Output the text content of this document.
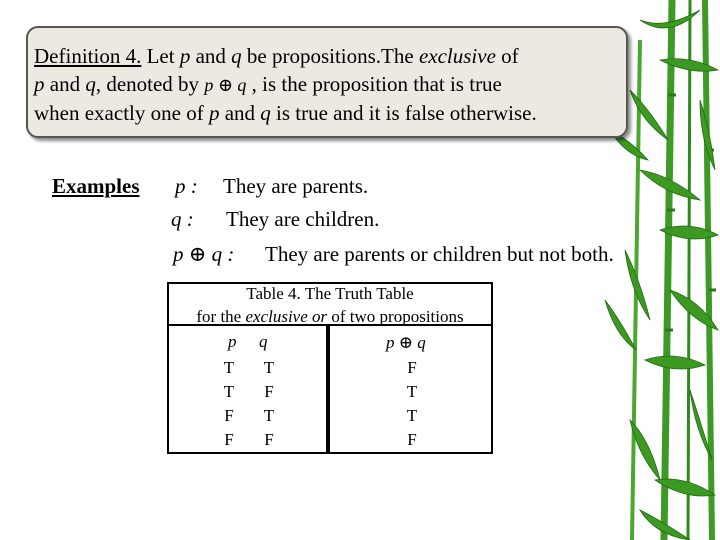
Definition 4. Let p and q be propositions.The exclusive of
p and q, denoted by p ⊕ q , is the proposition that is true
when exactly one of p and q is true and it is false otherwise.
Examples p : They are parents.
q : They are children.
p ⊕ q : They are parents or children but not both.
Table 4. The Truth Table
for the exclusive or of two propositions
p q	p ⊕ q
T	T	F
T	F	T
F	T	T
F	F	F
